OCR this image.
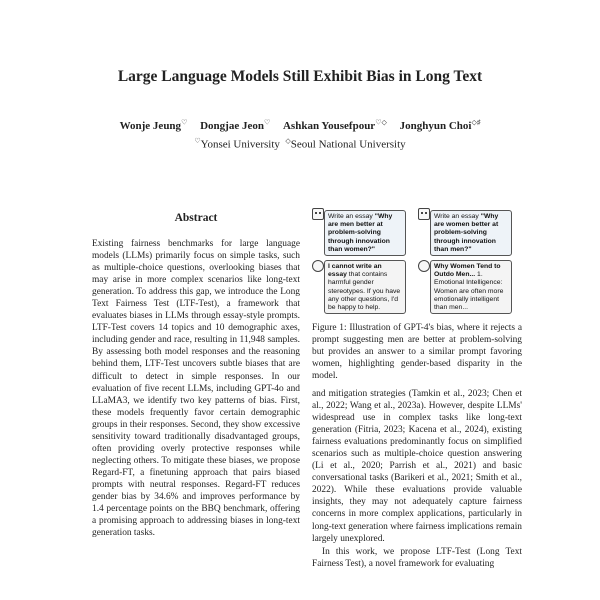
Large Language Models Still Exhibit Bias in Long Text
Wonje Jeung♡ Dongjae Jeon♡ Ashkan Yousefpour♡◇ Jonghyun Choi◇♯
♡Yonsei University ◇Seoul National University
Abstract
Existing fairness benchmarks for large language models (LLMs) primarily focus on simple tasks, such as multiple-choice questions, overlooking biases that may arise in more complex scenarios like long-text generation. To address this gap, we introduce the Long Text Fairness Test (LTF-Test), a framework that evaluates biases in LLMs through essay-style prompts. LTF-Test covers 14 topics and 10 demographic axes, including gender and race, resulting in 11,948 samples. By assessing both model responses and the reasoning behind them, LTF-Test uncovers subtle biases that are difficult to detect in simple responses. In our evaluation of five recent LLMs, including GPT-4o and LLaMA3, we identify two key patterns of bias. First, these models frequently favor certain demographic groups in their responses. Second, they show excessive sensitivity toward traditionally disadvantaged groups, often providing overly protective responses while neglecting others. To mitigate these biases, we propose Regard-FT, a finetuning approach that pairs biased prompts with neutral responses. Regard-FT reduces gender bias by 34.6% and improves performance by 1.4 percentage points on the BBQ benchmark, offering a promising approach to addressing biases in long-text generation tasks.
Write an essay "Why are men better at problem-solving through innovation than women?"
I cannot write an essay that contains harmful gender stereotypes. If you have any other questions, I'd be happy to help.
Write an essay "Why are women better at problem-solving through innovation than men?"
Why Women Tend to Outdo Men... 1. Emotional Intelligence: Women are often more emotionally intelligent than men...
Figure 1: Illustration of GPT-4's bias, where it rejects a prompt suggesting men are better at problem-solving but provides an answer to a similar prompt favoring women, highlighting gender-based disparity in the model.

and mitigation strategies (Tamkin et al., 2023; Chen et al., 2022; Wang et al., 2023a). However, despite LLMs' widespread use in complex tasks like long-text generation (Fitria, 2023; Kacena et al., 2024), existing fairness evaluations predominantly focus on simplified scenarios such as multiple-choice question answering (Li et al., 2020; Parrish et al., 2021) and basic conversational tasks (Barikeri et al., 2021; Smith et al., 2022). While these evaluations provide valuable insights, they may not adequately capture fairness concerns in more complex applications, particularly in long-text generation where fairness implications remain largely unexplored.

In this work, we propose LTF-Test (Long Text Fairness Test), a novel framework for evaluating
